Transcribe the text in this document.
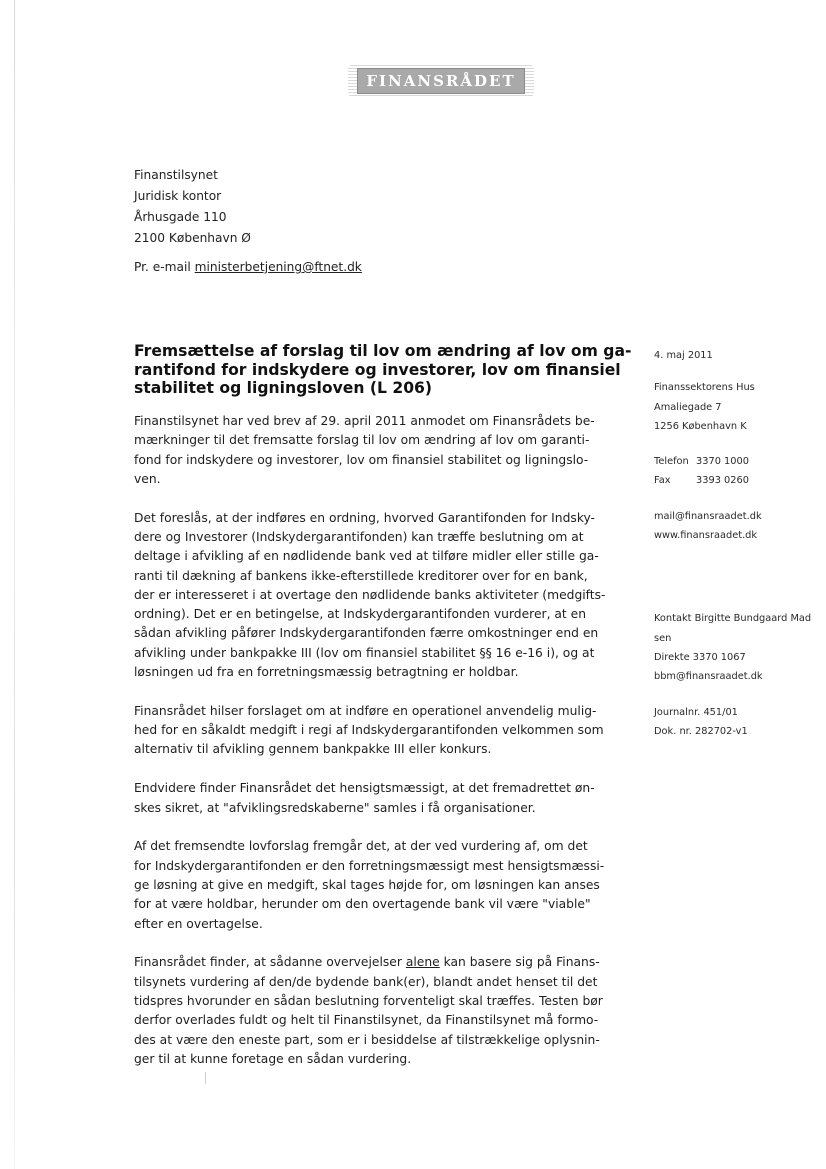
FINANSRÅDET
Finanstilsynet
Juridisk kontor
Århusgade 110
2100 København Ø
Pr. e-mail ministerbetjening@ftnet.dk
Fremsættelse af forslag til lov om ændring af lov om ga-
rantifond for indskydere og investorer, lov om finansiel
stabilitet og ligningsloven (L 206)

Finanstilsynet har ved brev af 29. april 2011 anmodet om Finansrådets be-
mærkninger til det fremsatte forslag til lov om ændring af lov om garanti-
fond for indskydere og investorer, lov om finansiel stabilitet og ligningslo-
ven.

Det foreslås, at der indføres en ordning, hvorved Garantifonden for Indsky-
dere og Investorer (Indskydergarantifonden) kan træffe beslutning om at
deltage i afvikling af en nødlidende bank ved at tilføre midler eller stille ga-
ranti til dækning af bankens ikke-efterstillede kreditorer over for en bank,
der er interesseret i at overtage den nødlidende banks aktiviteter (medgifts-
ordning). Det er en betingelse, at Indskydergarantifonden vurderer, at en
sådan afvikling påfører Indskydergarantifonden færre omkostninger end en
afvikling under bankpakke III (lov om finansiel stabilitet §§ 16 e-16 i), og at
løsningen ud fra en forretningsmæssig betragtning er holdbar.

Finansrådet hilser forslaget om at indføre en operationel anvendelig mulig-
hed for en såkaldt medgift i regi af Indskydergarantifonden velkommen som
alternativ til afvikling gennem bankpakke III eller konkurs.

Endvidere finder Finansrådet det hensigtsmæssigt, at det fremadrettet øn-
skes sikret, at "afviklingsredskaberne" samles i få organisationer.

Af det fremsendte lovforslag fremgår det, at der ved vurdering af, om det
for Indskydergarantifonden er den forretningsmæssigt mest hensigtsmæssi-
ge løsning at give en medgift, skal tages højde for, om løsningen kan anses
for at være holdbar, herunder om den overtagende bank vil være "viable"
efter en overtagelse.

Finansrådet finder, at sådanne overvejelser alene kan basere sig på Finans-
tilsynets vurdering af den/de bydende bank(er), blandt andet henset til det
tidspres hvorunder en sådan beslutning forventeligt skal træffes. Testen bør
derfor overlades fuldt og helt til Finanstilsynet, da Finanstilsynet må formo-
des at være den eneste part, som er i besiddelse af tilstrækkelige oplysnin-
ger til at kunne foretage en sådan vurdering.

4. maj 2011
Finanssektorens Hus
Amaliegade 7
1256 København K
Telefon 3370 1000
Fax	3393 0260
mail@finansraadet.dk
www.finansraadet.dk
Kontakt Birgitte Bundgaard Mad
sen
Direkte 3370 1067
bbm@finansraadet.dk
Journalnr. 451/01
Dok. nr. 282702-v1
